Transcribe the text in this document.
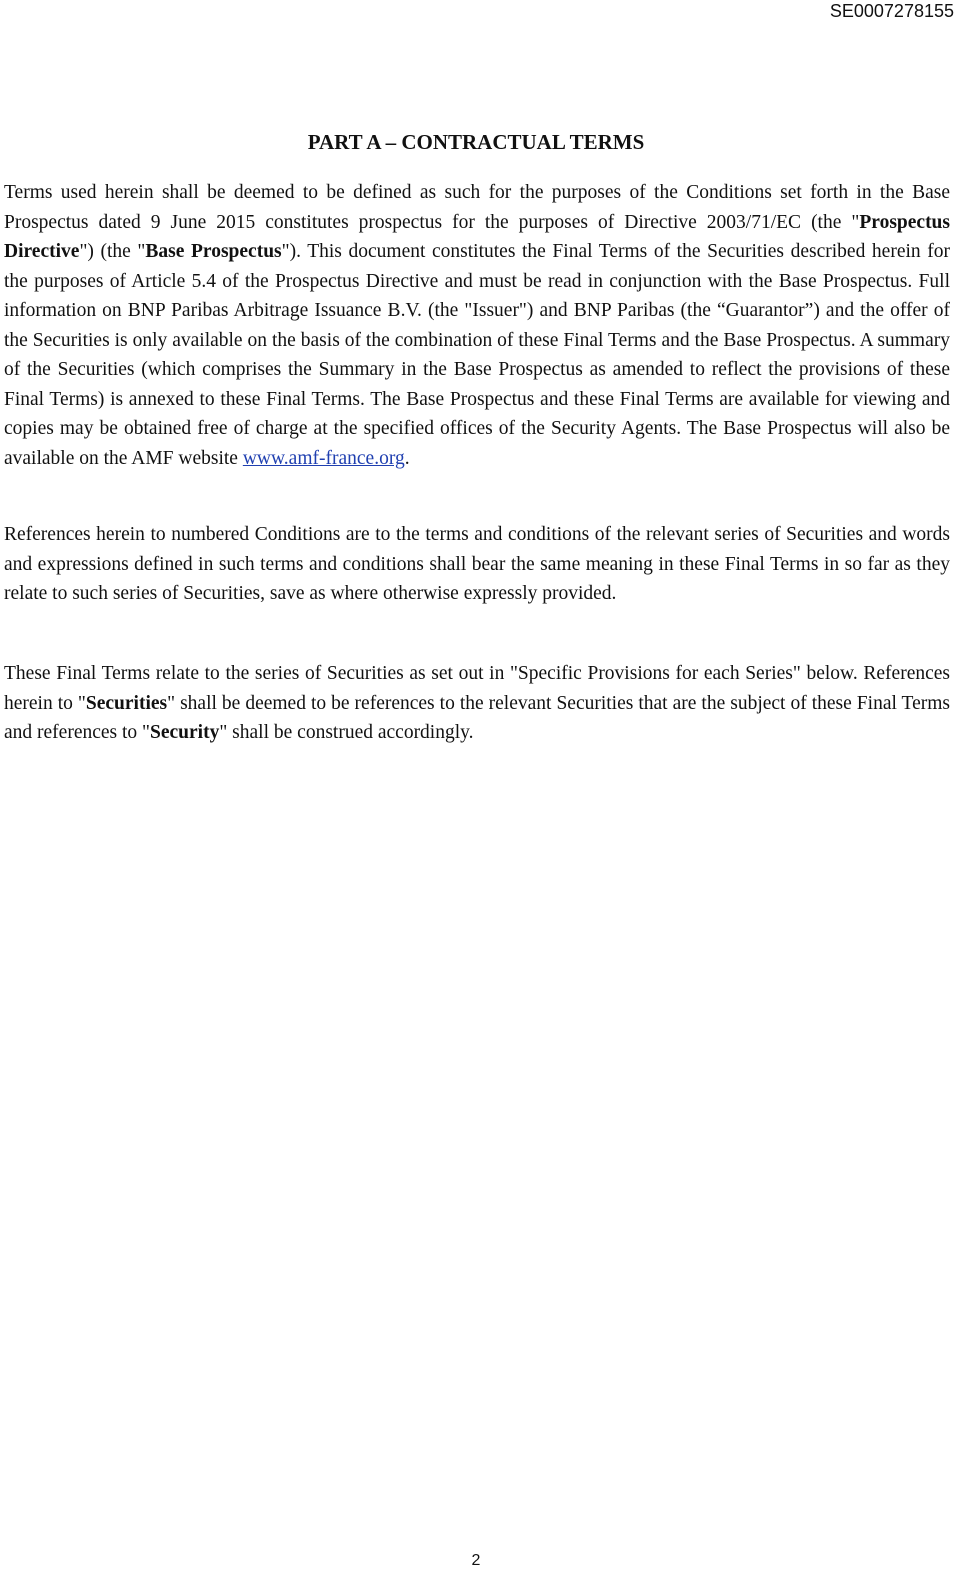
SE0007278155
PART A – CONTRACTUAL TERMS

Terms used herein shall be deemed to be defined as such for the purposes of the Conditions set forth in the Base Prospectus dated 9 June 2015 constitutes prospectus for the purposes of Directive 2003/71/EC (the "Prospectus Directive") (the "Base Prospectus"). This document constitutes the Final Terms of the Securities described herein for the purposes of Article 5.4 of the Prospectus Directive and must be read in conjunction with the Base Prospectus. Full information on BNP Paribas Arbitrage Issuance B.V. (the "Issuer") and BNP Paribas (the “Guarantor”) and the offer of the Securities is only available on the basis of the combination of these Final Terms and the Base Prospectus. A summary of the Securities (which comprises the Summary in the Base Prospectus as amended to reflect the provisions of these Final Terms) is annexed to these Final Terms. The Base Prospectus and these Final Terms are available for viewing and copies may be obtained free of charge at the specified offices of the Security Agents. The Base Prospectus will also be available on the AMF website www.amf-france.org.

References herein to numbered Conditions are to the terms and conditions of the relevant series of Securities and words and expressions defined in such terms and conditions shall bear the same meaning in these Final Terms in so far as they relate to such series of Securities, save as where otherwise expressly provided.

These Final Terms relate to the series of Securities as set out in "Specific Provisions for each Series" below. References herein to "Securities" shall be deemed to be references to the relevant Securities that are the subject of these Final Terms and references to "Security" shall be construed accordingly.

2
